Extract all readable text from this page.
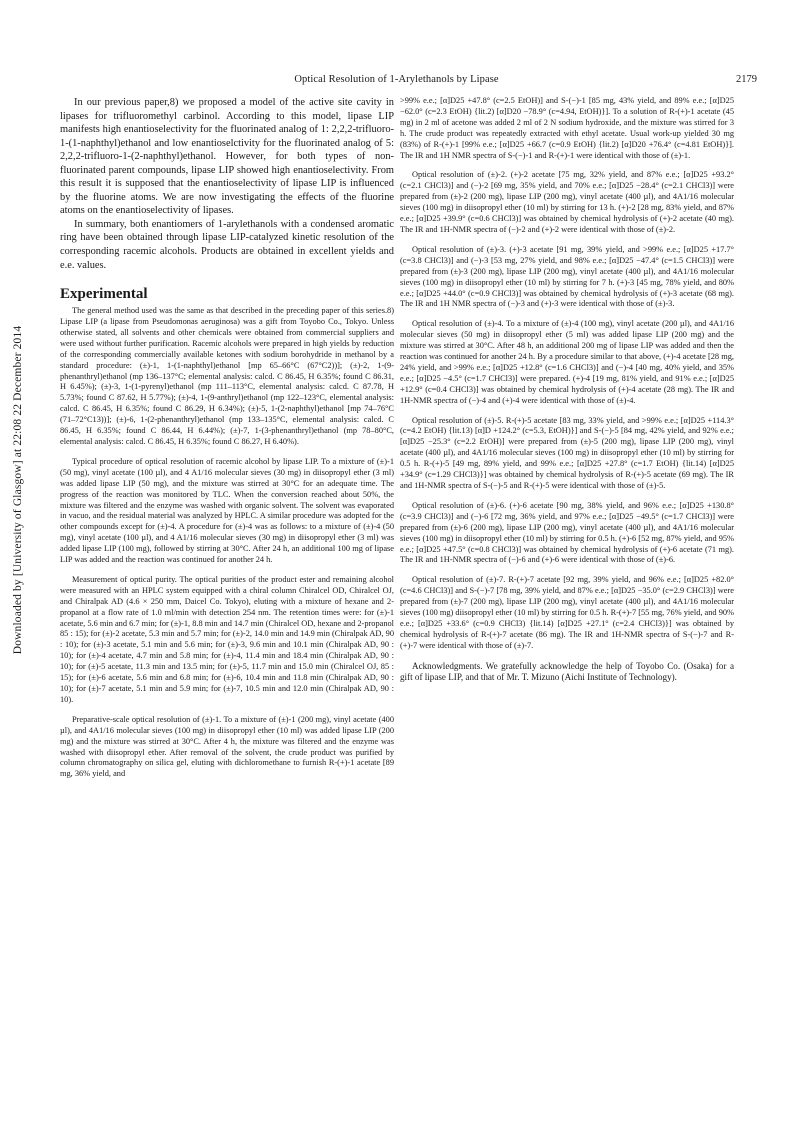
Optical Resolution of 1-Arylethanols by Lipase	2179
Downloaded by [University of Glasgow] at 22:08 22 December 2014

In our previous paper,8) we proposed a model of the active site cavity in lipases for trifluoromethyl carbinol. According to this model, lipase LIP manifests high enantioselectivity for the fluorinated analog of 1: 2,2,2-trifluoro-1-(1-naphthyl)ethanol and low enantioselctivity for the fluorinated analog of 5: 2,2,2-trifluoro-1-(2-naphthyl)ethanol. However, for both types of non-fluorinated parent compounds, lipase LIP showed high enantioselectivity. From this result it is supposed that the enantioselectivity of lipase LIP is influenced by the fluorine atoms. We are now investigating the effects of the fluorine atoms on the enantioselectivity of lipases.

In summary, both enantiomers of 1-arylethanols with a condensed aromatic ring have been obtained through lipase LIP-catalyzed kinetic resolution of the corresponding racemic alcohols. Products are obtained in excellent yields and e.e. values.

Experimental

The general method used was the same as that described in the preceding paper of this series.8) Lipase LIP (a lipase from Pseudomonas aeruginosa) was a gift from Toyobo Co., Tokyo. Unless otherwise stated, all solvents and other chemicals were obtained from commercial suppliers and were used without further purification. Racemic alcohols were prepared in high yields by reduction of the corresponding commercially available ketones with sodium borohydride in methanol by a standard procedure: (±)-1, 1-(1-naphthyl)ethanol [mp 65–66°C (67°C2))]; (±)-2, 1-(9-phenanthryl)ethanol (mp 136–137°C; elemental analysis: calcd. C 86.45, H 6.35%; found C 86.31, H 6.45%); (±)-3, 1-(1-pyrenyl)ethanol (mp 111–113°C, elemental analysis: calcd. C 87.78, H 5.73%; found C 87.62, H 5.77%); (±)-4, 1-(9-anthryl)ethanol (mp 122–123°C, elemental analysis: calcd. C 86.45, H 6.35%; found C 86.29, H 6.34%); (±)-5, 1-(2-naphthyl)ethanol [mp 74–76°C (71–72°C13))]; (±)-6, 1-(2-phenanthryl)ethanol (mp 133–135°C, elemental analysis: calcd. C 86.45, H 6.35%; found C 86.44, H 6.44%); (±)-7, 1-(3-phenanthryl)ethanol (mp 78–80°C, elemental analysis: calcd. C 86.45, H 6.35%; found C 86.27, H 6.40%).

Typical procedure of optical resolution of racemic alcohol by lipase LIP. To a mixture of (±)-1 (50 mg), vinyl acetate (100 µl), and 4 A1/16 molecular sieves (30 mg) in diisopropyl ether (3 ml) was added lipase LIP (50 mg), and the mixture was stirred at 30°C for an adequate time. The progress of the reaction was monitored by TLC. When the conversion reached about 50%, the mixture was filtered and the enzyme was washed with organic solvent. The solvent was evaporated in vacuo, and the residual material was analyzed by HPLC. A similar procedure was adopted for the other compounds except for (±)-4. A procedure for (±)-4 was as follows: to a mixture of (±)-4 (50 mg), vinyl acetate (100 µl), and 4 A1/16 molecular sieves (30 mg) in diisopropyl ether (3 ml) was added lipase LIP (100 mg), followed by stirring at 30°C. After 24 h, an additional 100 mg of lipase LIP was added and the reaction was continued for another 24 h.

Measurement of optical purity. The optical purities of the product ester and remaining alcohol were measured with an HPLC system equipped with a chiral column Chiralcel OD, Chiralcel OJ, and Chiralpak AD (4.6 × 250 mm, Daicel Co. Tokyo), eluting with a mixture of hexane and 2-propanol at a flow rate of 1.0 ml/min with detection 254 nm. The retention times were: for (±)-1 acetate, 5.6 min and 6.7 min; for (±)-1, 8.8 min and 14.7 min (Chiralcel OD, hexane and 2-propanol 85 : 15); for (±)-2 acetate, 5.3 min and 5.7 min; for (±)-2, 14.0 min and 14.9 min (Chiralpak AD, 90 : 10); for (±)-3 acetate, 5.1 min and 5.6 min; for (±)-3, 9.6 min and 10.1 min (Chiralpak AD, 90 : 10); for (±)-4 acetate, 4.7 min and 5.8 min; for (±)-4, 11.4 min and 18.4 min (Chiralpak AD, 90 : 10); for (±)-5 acetate, 11.3 min and 13.5 min; for (±)-5, 11.7 min and 15.0 min (Chiralcel OJ, 85 : 15); for (±)-6 acetate, 5.6 min and 6.8 min; for (±)-6, 10.4 min and 11.8 min (Chiralpak AD, 90 : 10); for (±)-7 acetate, 5.1 min and 5.9 min; for (±)-7, 10.5 min and 12.0 min (Chiralpak AD, 90 : 10).

Preparative-scale optical resolution of (±)-1. To a mixture of (±)-1 (200 mg), vinyl acetate (400 µl), and 4A1/16 molecular sieves (100 mg) in diisopropyl ether (10 ml) was added lipase LIP (200 mg) and the mixture was stirred at 30°C. After 4 h, the mixture was filtered and the enzyme was washed with diisopropyl ether. After removal of the solvent, the crude product was purified by column chromatography on silica gel, eluting with dichloromethane to furnish R-(+)-1 acetate [89 mg, 36% yield, and

>99% e.e.; [α]D25 +47.8° (c=2.5 EtOH)] and S-(−)-1 [85 mg, 43% yield, and 89% e.e.; [α]D25 −62.0° (c=2.3 EtOH) {lit.2) [α]D20 −78.9° (c=4.94, EtOH)}]. To a solution of R-(+)-1 acetate (45 mg) in 2 ml of acetone was added 2 ml of 2 N sodium hydroxide, and the mixture was stirred for 3 h. The crude product was repeatedly extracted with ethyl acetate. Usual work-up yielded 30 mg (83%) of R-(+)-1 [99% e.e.; [α]D25 +66.7 (c=0.9 EtOH) {lit.2) [α]D20 +76.4° (c=4.81 EtOH)}]. The IR and 1H NMR spectra of S-(−)-1 and R-(+)-1 were identical with those of (±)-1.

Optical resolution of (±)-2. (+)-2 acetate [75 mg, 32% yield, and 87% e.e.; [α]D25 +93.2° (c=2.1 CHCl3)] and (−)-2 [69 mg, 35% yield, and 70% e.e.; [α]D25 −28.4° (c=2.1 CHCl3)] were prepared from (±)-2 (200 mg), lipase LIP (200 mg), vinyl acetate (400 µl), and 4A1/16 molecular sieves (100 mg) in diisopropyl ether (10 ml) by stirring for 13 h. (+)-2 [28 mg, 83% yield, and 87% e.e.; [α]D25 +39.9° (c=0.6 CHCl3)] was obtained by chemical hydrolysis of (+)-2 acetate (40 mg). The IR and 1H-NMR spectra of (−)-2 and (+)-2 were identical with those of (±)-2.

Optical resolution of (±)-3. (+)-3 acetate [91 mg, 39% yield, and >99% e.e.; [α]D25 +17.7° (c=3.8 CHCl3)] and (−)-3 [53 mg, 27% yield, and 98% e.e.; [α]D25 −47.4° (c=1.5 CHCl3)] were prepared from (±)-3 (200 mg), lipase LIP (200 mg), vinyl acetate (400 µl), and 4A1/16 molecular sieves (100 mg) in diisopropyl ether (10 ml) by stirring for 7 h. (+)-3 [45 mg, 78% yield, and 80% e.e.; [α]D25 +44.0° (c=0.9 CHCl3)] was obtained by chemical hydrolysis of (+)-3 acetate (68 mg). The IR and 1H NMR spectra of (−)-3 and (+)-3 were identical with those of (±)-3.

Optical resolution of (±)-4. To a mixture of (±)-4 (100 mg), vinyl acetate (200 µl), and 4A1/16 molecular sieves (50 mg) in diisopropyl ether (5 ml) was added lipase LIP (200 mg) and the mixture was stirred at 30°C. After 48 h, an additional 200 mg of lipase LIP was added and then the reaction was continued for another 24 h. By a procedure similar to that above, (+)-4 acetate [28 mg, 24% yield, and >99% e.e.; [α]D25 +12.8° (c=1.6 CHCl3)] and (−)-4 [40 mg, 40% yield, and 35% e.e.; [α]D25 −4.5° (c=1.7 CHCl3)] were prepared. (+)-4 [19 mg, 81% yield, and 91% e.e.; [α]D25 +12.9° (c=0.4 CHCl3)] was obtained by chemical hydrolysis of (+)-4 acetate (28 mg). The IR and 1H-NMR spectra of (−)-4 and (+)-4 were identical with those of (±)-4.

Optical resolution of (±)-5. R-(+)-5 acetate [83 mg, 33% yield, and >99% e.e.; [α]D25 +114.3° (c=4.2 EtOH) {lit.13) [α]D +124.2° (c=5.3, EtOH)}] and S-(−)-5 [84 mg, 42% yield, and 92% e.e.; [α]D25 −25.3° (c=2.2 EtOH)] were prepared from (±)-5 (200 mg), lipase LIP (200 mg), vinyl acetate (400 µl), and 4A1/16 molecular sieves (100 mg) in diisopropyl ether (10 ml) by stirring for 0.5 h. R-(+)-5 [49 mg, 89% yield, and 99% e.e.; [α]D25 +27.8° (c=1.7 EtOH) {lit.14) [α]D25 +34.9° (c=1.29 CHCl3)}] was obtained by chemical hydrolysis of R-(+)-5 acetate (69 mg). The IR and 1H-NMR spectra of S-(−)-5 and R-(+)-5 were identical with those of (±)-5.

Optical resolution of (±)-6. (+)-6 acetate [90 mg, 38% yield, and 96% e.e.; [α]D25 +130.8° (c=3.9 CHCl3)] and (−)-6 [72 mg, 36% yield, and 97% e.e.; [α]D25 −49.5° (c=1.7 CHCl3)] were prepared from (±)-6 (200 mg), lipase LIP (200 mg), vinyl acetate (400 µl), and 4A1/16 molecular sieves (100 mg) in diisopropyl ether (10 ml) by stirring for 0.5 h. (+)-6 [52 mg, 87% yield, and 95% e.e.; [α]D25 +47.5° (c=0.8 CHCl3)] was obtained by chemical hydrolysis of (+)-6 acetate (71 mg). The IR and 1H-NMR spectra of (−)-6 and (+)-6 were identical with those of (±)-6.

Optical resolution of (±)-7. R-(+)-7 acetate [92 mg, 39% yield, and 96% e.e.; [α]D25 +82.0° (c=4.6 CHCl3)] and S-(−)-7 [78 mg, 39% yield, and 87% e.e.; [α]D25 −35.0° (c=2.9 CHCl3)] were prepared from (±)-7 (200 mg), lipase LIP (200 mg), vinyl acetate (400 µl), and 4A1/16 molecular sieves (100 mg) diisopropyl ether (10 ml) by stirring for 0.5 h. R-(+)-7 [55 mg, 76% yield, and 90% e.e.; [α]D25 +33.6° (c=0.9 CHCl3) {lit.14) [α]D25 +27.1° (c=2.4 CHCl3)}] was obtained by chemical hydrolysis of R-(+)-7 acetate (86 mg). The IR and 1H-NMR spectra of S-(−)-7 and R-(+)-7 were identical with those of (±)-7.

Acknowledgments. We gratefully acknowledge the help of Toyobo Co. (Osaka) for a gift of lipase LIP, and that of Mr. T. Mizuno (Aichi Institute of Technology).
